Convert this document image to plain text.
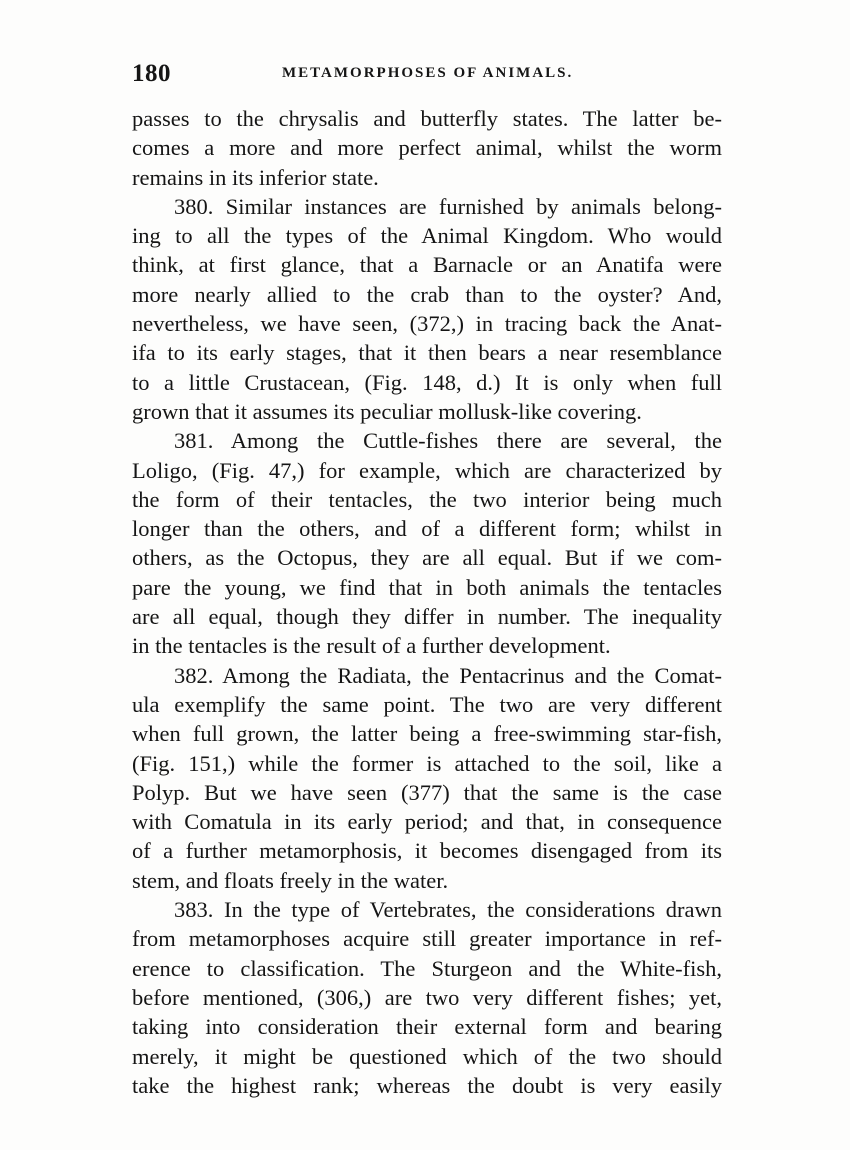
180	METAMORPHOSES OF ANIMALS.
passes to the chrysalis and butterfly states. The latter be-
comes a more and more perfect animal, whilst the worm
remains in its inferior state.
380. Similar instances are furnished by animals belong-
ing to all the types of the Animal Kingdom. Who would
think, at first glance, that a Barnacle or an Anatifa were
more nearly allied to the crab than to the oyster? And,
nevertheless, we have seen, (372,) in tracing back the Anat-
ifa to its early stages, that it then bears a near resemblance
to a little Crustacean, (Fig. 148, d.) It is only when full
grown that it assumes its peculiar mollusk-like covering.
381. Among the Cuttle-fishes there are several, the
Loligo, (Fig. 47,) for example, which are characterized by
the form of their tentacles, the two interior being much
longer than the others, and of a different form; whilst in
others, as the Octopus, they are all equal. But if we com-
pare the young, we find that in both animals the tentacles
are all equal, though they differ in number. The inequality
in the tentacles is the result of a further development.
382. Among the Radiata, the Pentacrinus and the Comat-
ula exemplify the same point. The two are very different
when full grown, the latter being a free-swimming star-fish,
(Fig. 151,) while the former is attached to the soil, like a
Polyp. But we have seen (377) that the same is the case
with Comatula in its early period; and that, in consequence
of a further metamorphosis, it becomes disengaged from its
stem, and floats freely in the water.
383. In the type of Vertebrates, the considerations drawn
from metamorphoses acquire still greater importance in ref-
erence to classification. The Sturgeon and the White-fish,
before mentioned, (306,) are two very different fishes; yet,
taking into consideration their external form and bearing
merely, it might be questioned which of the two should
take the highest rank; whereas the doubt is very easily
